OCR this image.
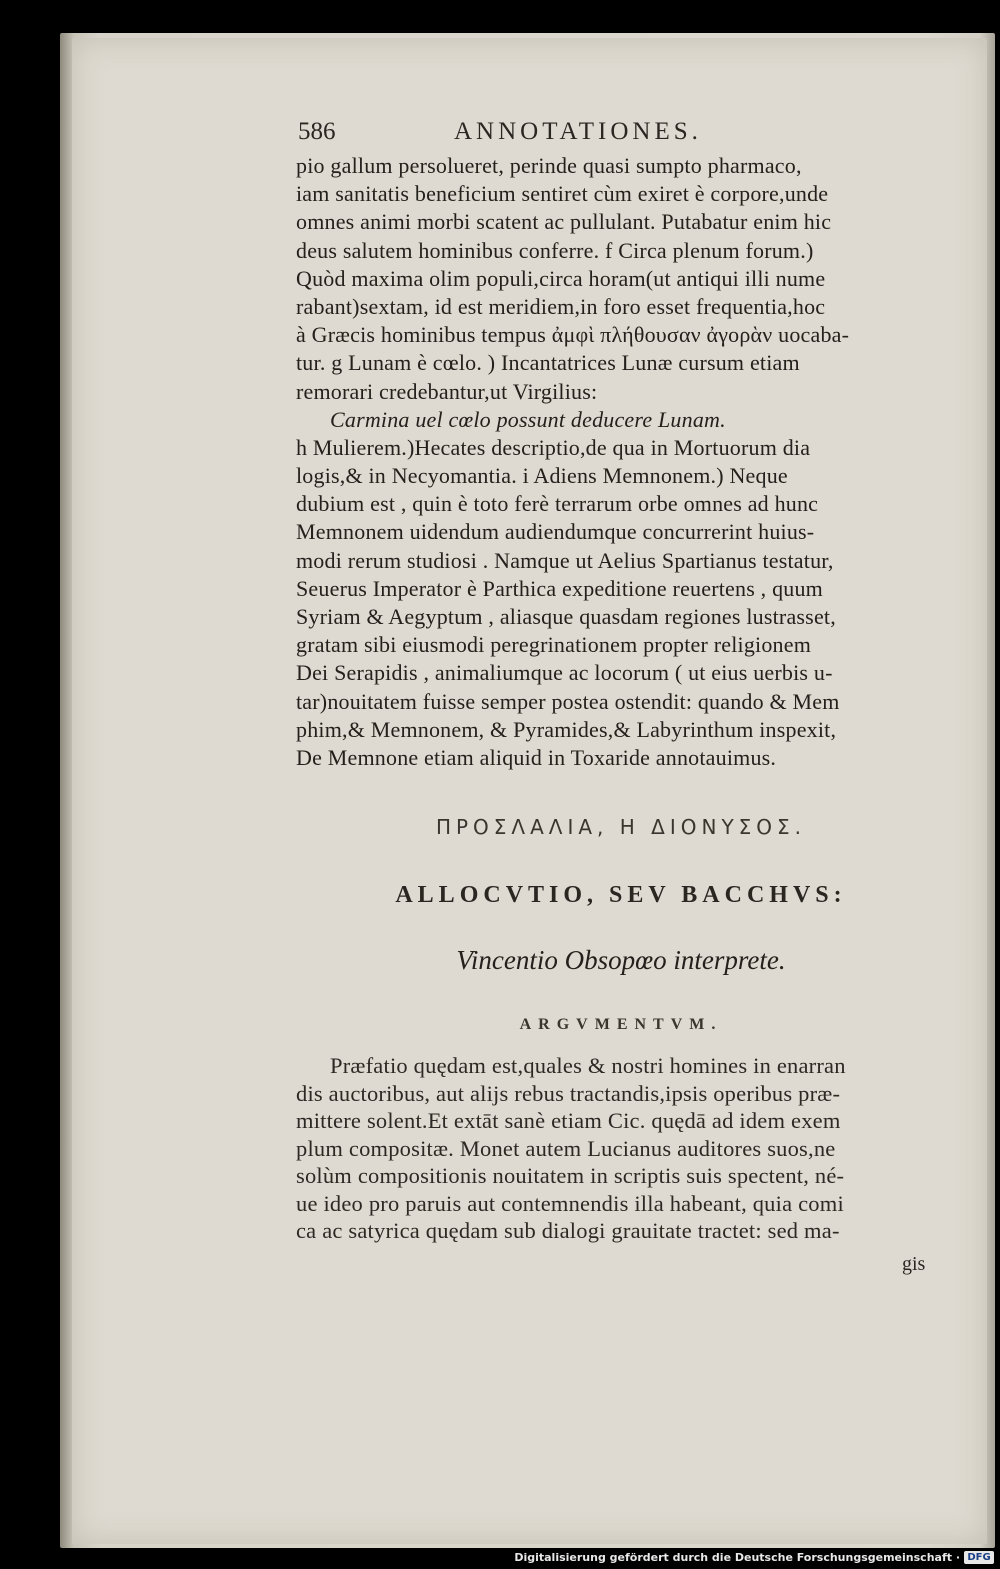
586	ANNOTATIONES.
pio gallum persolueret, perinde quasi sumpto pharmaco,
iam sanitatis beneficium sentiret cùm exiret è corpore,unde
omnes animi morbi scatent ac pullulant. Putabatur enim hic
deus salutem hominibus conferre. f Circa plenum forum.)
Quòd maxima olim populi,circa horam(ut antiqui illi nume
rabant)sextam, id est meridiem,in foro esset frequentia,hoc
à Græcis hominibus tempus ἀμφὶ πλήθουσαν ἀγορὰν uocaba-
tur. g Lunam è cœlo. ) Incantatrices Lunæ cursum etiam
remorari credebantur,ut Virgilius:
Carmina uel cœlo possunt deducere Lunam.
h Mulierem.)Hecates descriptio,de qua in Mortuorum dia
logis,& in Necyomantia. i Adiens Memnonem.) Neque
dubium est , quin è toto ferè terrarum orbe omnes ad hunc
Memnonem uidendum audiendumque concurrerint huius-
modi rerum studiosi . Namque ut Aelius Spartianus testatur,
Seuerus Imperator è Parthica expeditione reuertens , quum
Syriam & Aegyptum , aliasque quasdam regiones lustrasset,
gratam sibi eiusmodi peregrinationem propter religionem
Dei Serapidis , animaliumque ac locorum ( ut eius uerbis u-
tar)nouitatem fuisse semper postea ostendit: quando & Mem
phim,& Memnonem, & Pyramides,& Labyrinthum inspexit,
De Memnone etiam aliquid in Toxaride annotauimus.
ΠΡΟΣΛΑΛΙΑ, Η ΔΙΟΝΥΣΟΣ.
ALLOCVTIO, SEV BACCHVS:
Vincentio Obsopœo interprete.
ARGVMENTVM.
Præfatio quędam est,quales & nostri homines in enarran
dis auctoribus, aut alijs rebus tractandis,ipsis operibus præ-
mittere solent.Et extāt sanè etiam Cic. quędā ad idem exem
plum compositæ. Monet autem Lucianus auditores suos,ne
solùm compositionis nouitatem in scriptis suis spectent, né-
ue ideo pro paruis aut contemnendis illa habeant, quia comi
ca ac satyrica quędam sub dialogi grauitate tractet: sed ma-
gis
Digitalisierung gefördert durch die Deutsche Forschungsgemeinschaft · DFG
